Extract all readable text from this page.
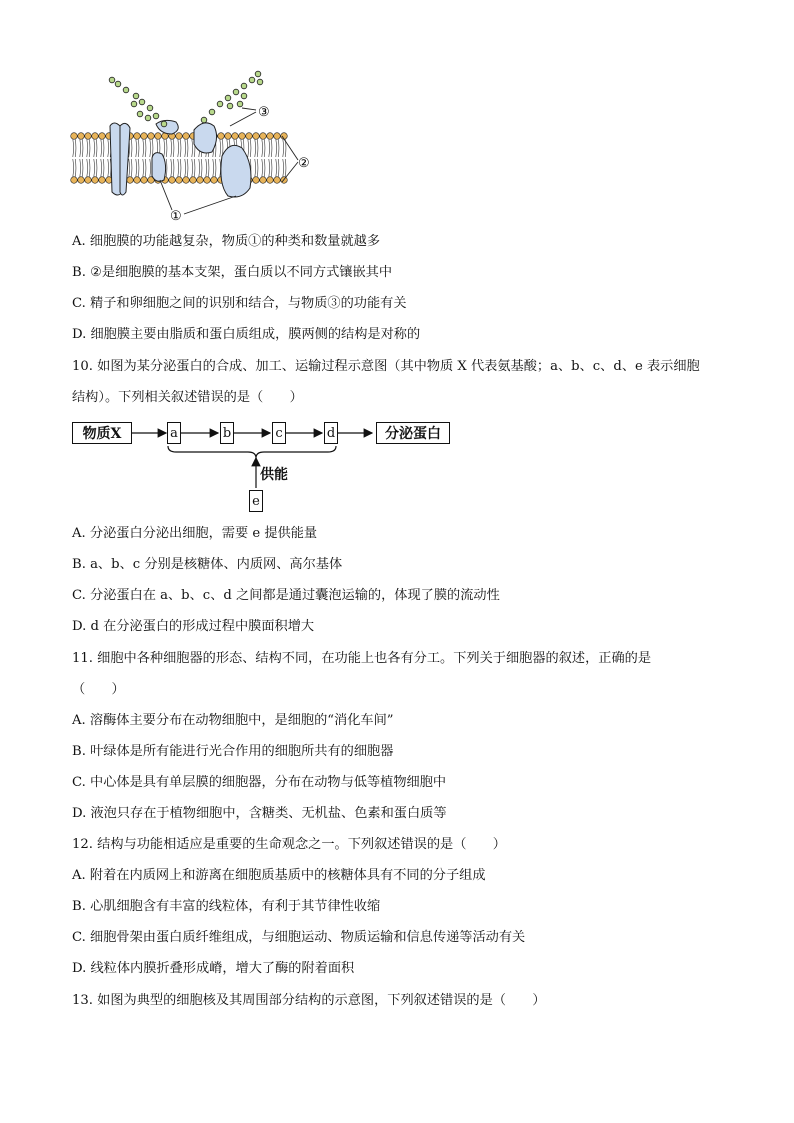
③
②
①
A. 细胞膜的功能越复杂，物质①的种类和数量就越多
B. ②是细胞膜的基本支架，蛋白质以不同方式镶嵌其中
C. 精子和卵细胞之间的识别和结合，与物质③的功能有关
D. 细胞膜主要由脂质和蛋白质组成，膜两侧的结构是对称的
10. 如图为某分泌蛋白的合成、加工、运输过程示意图（其中物质 X 代表氨基酸；a、b、c、d、e 表示细胞
结构）。下列相关叙述错误的是（　　）
物质X	a	b	c	d	分泌蛋白
供能
e
A. 分泌蛋白分泌出细胞，需要 e 提供能量
B. a、b、c 分别是核糖体、内质网、高尔基体
C. 分泌蛋白在 a、b、c、d 之间都是通过囊泡运输的，体现了膜的流动性
D. d 在分泌蛋白的形成过程中膜面积增大
11. 细胞中各种细胞器的形态、结构不同，在功能上也各有分工。下列关于细胞器的叙述，正确的是
（　　）
A. 溶酶体主要分布在动物细胞中，是细胞的“消化车间”
B. 叶绿体是所有能进行光合作用的细胞所共有的细胞器
C. 中心体是具有单层膜的细胞器，分布在动物与低等植物细胞中
D. 液泡只存在于植物细胞中，含糖类、无机盐、色素和蛋白质等
12. 结构与功能相适应是重要的生命观念之一。下列叙述错误的是（　　）
A. 附着在内质网上和游离在细胞质基质中的核糖体具有不同的分子组成
B. 心肌细胞含有丰富的线粒体，有利于其节律性收缩
C. 细胞骨架由蛋白质纤维组成，与细胞运动、物质运输和信息传递等活动有关
D. 线粒体内膜折叠形成嵴，增大了酶的附着面积
13. 如图为典型的细胞核及其周围部分结构的示意图，下列叙述错误的是（　　）
